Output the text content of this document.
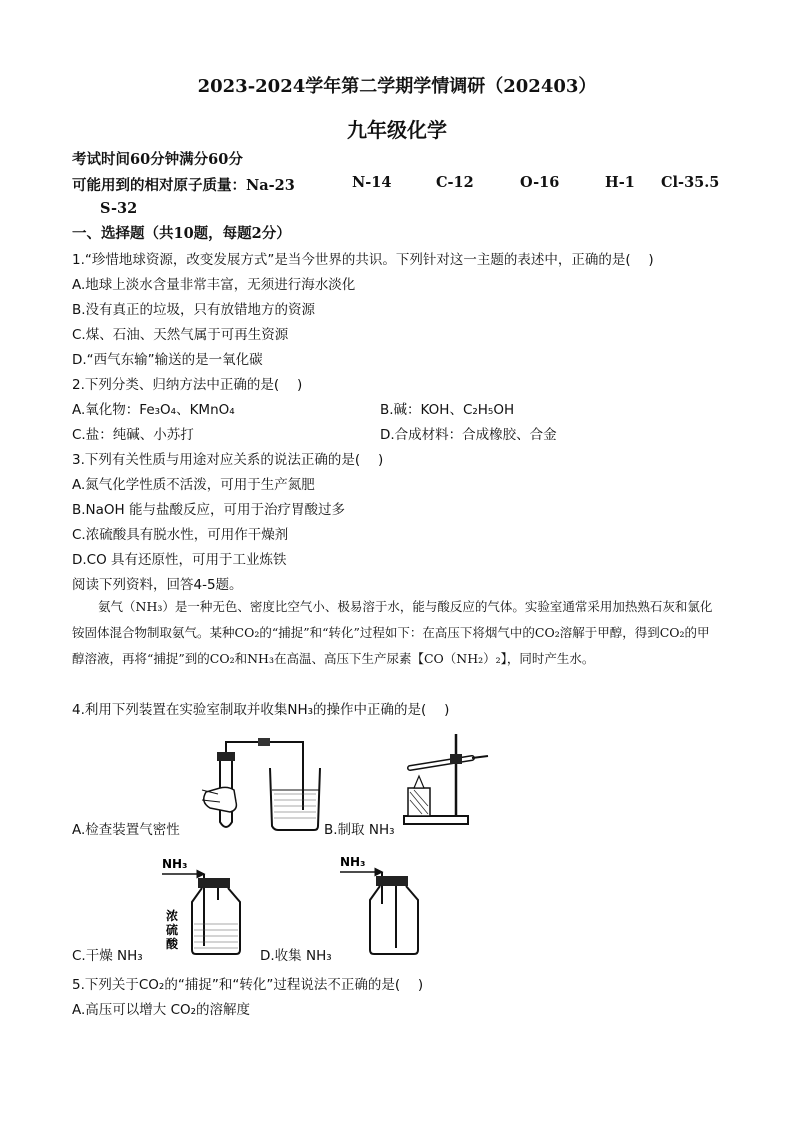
2023-2024学年第二学期学情调研（202403）
九年级化学
考试时间60分钟满分60分
可能用到的相对原子质量：Na-23	N-14	C-12	O-16	H-1 Cl-35.5
S-32
一、选择题（共10题，每题2分）
1.“珍惜地球资源，改变发展方式”是当今世界的共识。下列针对这一主题的表述中，正确的是(　 )
A.地球上淡水含量非常丰富，无须进行海水淡化
B.没有真正的垃圾，只有放错地方的资源
C.煤、石油、天然气属于可再生资源
D.“西气东输”输送的是一氧化碳
2.下列分类、归纳方法中正确的是(　 )
A.氧化物：Fe₃O₄、KMnO₄	B.碱：KOH、C₂H₅OH
C.盐：纯碱、小苏打	D.合成材料：合成橡胶、合金
3.下列有关性质与用途对应关系的说法正确的是(　 )
A.氮气化学性质不活泼，可用于生产氮肥
B.NaOH 能与盐酸反应，可用于治疗胃酸过多
C.浓硫酸具有脱水性，可用作干燥剂
D.CO 具有还原性，可用于工业炼铁
阅读下列资料，回答4-5题。
氨气（NH₃）是一种无色、密度比空气小、极易溶于水，能与酸反应的气体。实验室通常采用加热熟石灰和氯化铵固体混合物制取氨气。某种CO₂的“捕捉”和“转化”过程如下：在高压下将烟气中的CO₂溶解于甲醇，得到CO₂的甲醇溶液，再将“捕捉”到的CO₂和NH₃在高温、高压下生产尿素【CO（NH₂）₂】，同时产生水。
4.利用下列装置在实验室制取并收集NH₃的操作中正确的是(　 )
A.检查装置气密性	B.制取 NH₃
NH₃
浓
硫
酸
C.干燥 NH₃
NH₃
D.收集 NH₃
5.下列关于CO₂的“捕捉”和“转化”过程说法不正确的是(　 )
A.高压可以增大 CO₂的溶解度
